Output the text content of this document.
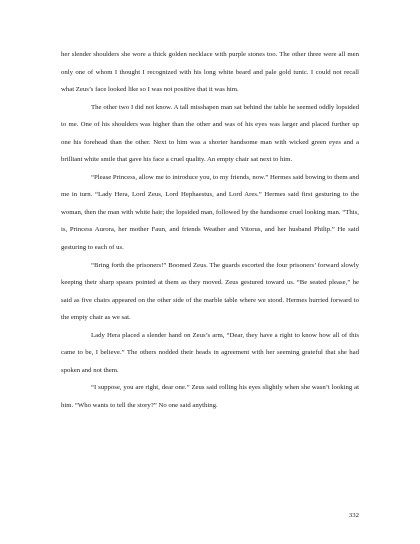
her slender shoulders she wore a thick golden necklace with purple stones too. The other three were all men only one of whom I thought I recognized with his long white beard and pale gold tunic. I could not recall what Zeus’s face looked like so I was not positive that it was him.

The other two I did not know. A tall misshapen man sat behind the table he seemed oddly lopsided to me. One of his shoulders was higher than the other and was of his eyes was larger and placed further up one his forehead than the other. Next to him was a shorter handsome man with wicked green eyes and a brilliant white smile that gave his face a cruel quality. An empty chair sat next to him.

“Please Princess, allow me to introduce you, to my friends, now.” Hermes said bowing to them and me in turn. “Lady Hera, Lord Zeus, Lord Hephaestus, and Lord Ares.” Hermes said first gesturing to the woman, then the man with white hair; the lopsided man, followed by the handsome cruel looking man. “This, is, Princess Aurora, her mother Faun, and friends Weather and Vitorus, and her husband Philip.” He said gesturing to each of us.

“Bring forth the prisoners!” Boomed Zeus. The guards escorted the four prisoners’ forward slowly keeping their sharp spears pointed at them as they moved. Zeus gestured toward us. “Be seated please,” he said as five chairs appeared on the other side of the marble table where we stood. Hermes hurried forward to the empty chair as we sat.

Lady Hera placed a slender hand on Zeus’s arm, “Dear, they have a right to know how all of this came to be, I believe.” The others nodded their heads in agreement with her seeming grateful that she had spoken and not them.

“I suppose, you are right, dear one.” Zeus said rolling his eyes slightly when she wasn’t looking at him. “Who wants to tell the story?” No one said anything.

332
